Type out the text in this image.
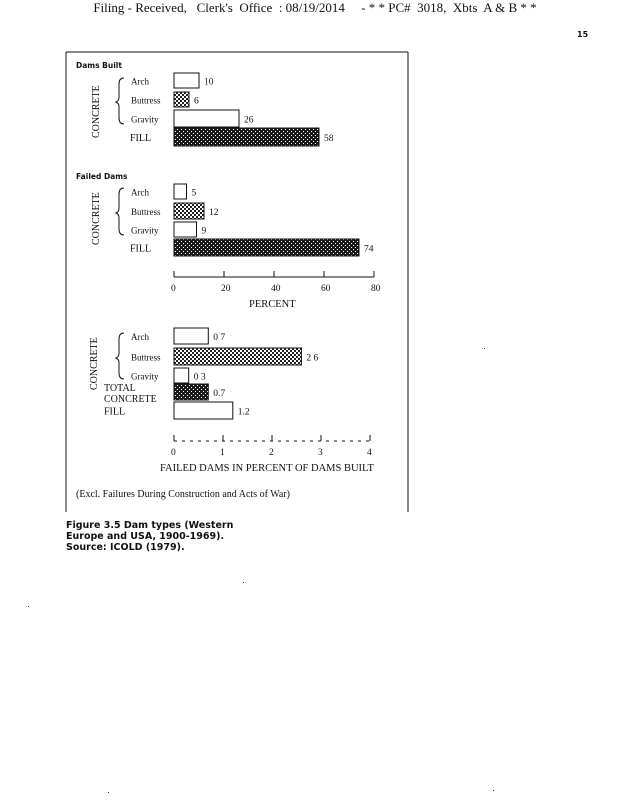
Filing - Received,   Clerk's  Office  : 08/19/2014     - * * PC#  3018,  Xbts  A & B * *
15
Dams Built
Failed Dams
CONCRETE
CONCRETE
CONCRETE
Arch	10
Buttress	6
Gravity	26
FILL	58
Arch	5
Buttress	12
Gravity	9
FILL	74
0	20	40	60	80
PERCENT
Arch	0 7
Buttress	2 6
Gravity	0 3
TOTAL
CONCRETE	0.7
FILL	1.2
0	1	2	3	4
FAILED DAMS IN PERCENT OF DAMS BUILT
(Excl. Failures During Construction and Acts of War)
Figure 3.5 Dam types (Western
Europe and USA, 1900-1969).
Source: ICOLD (1979).
